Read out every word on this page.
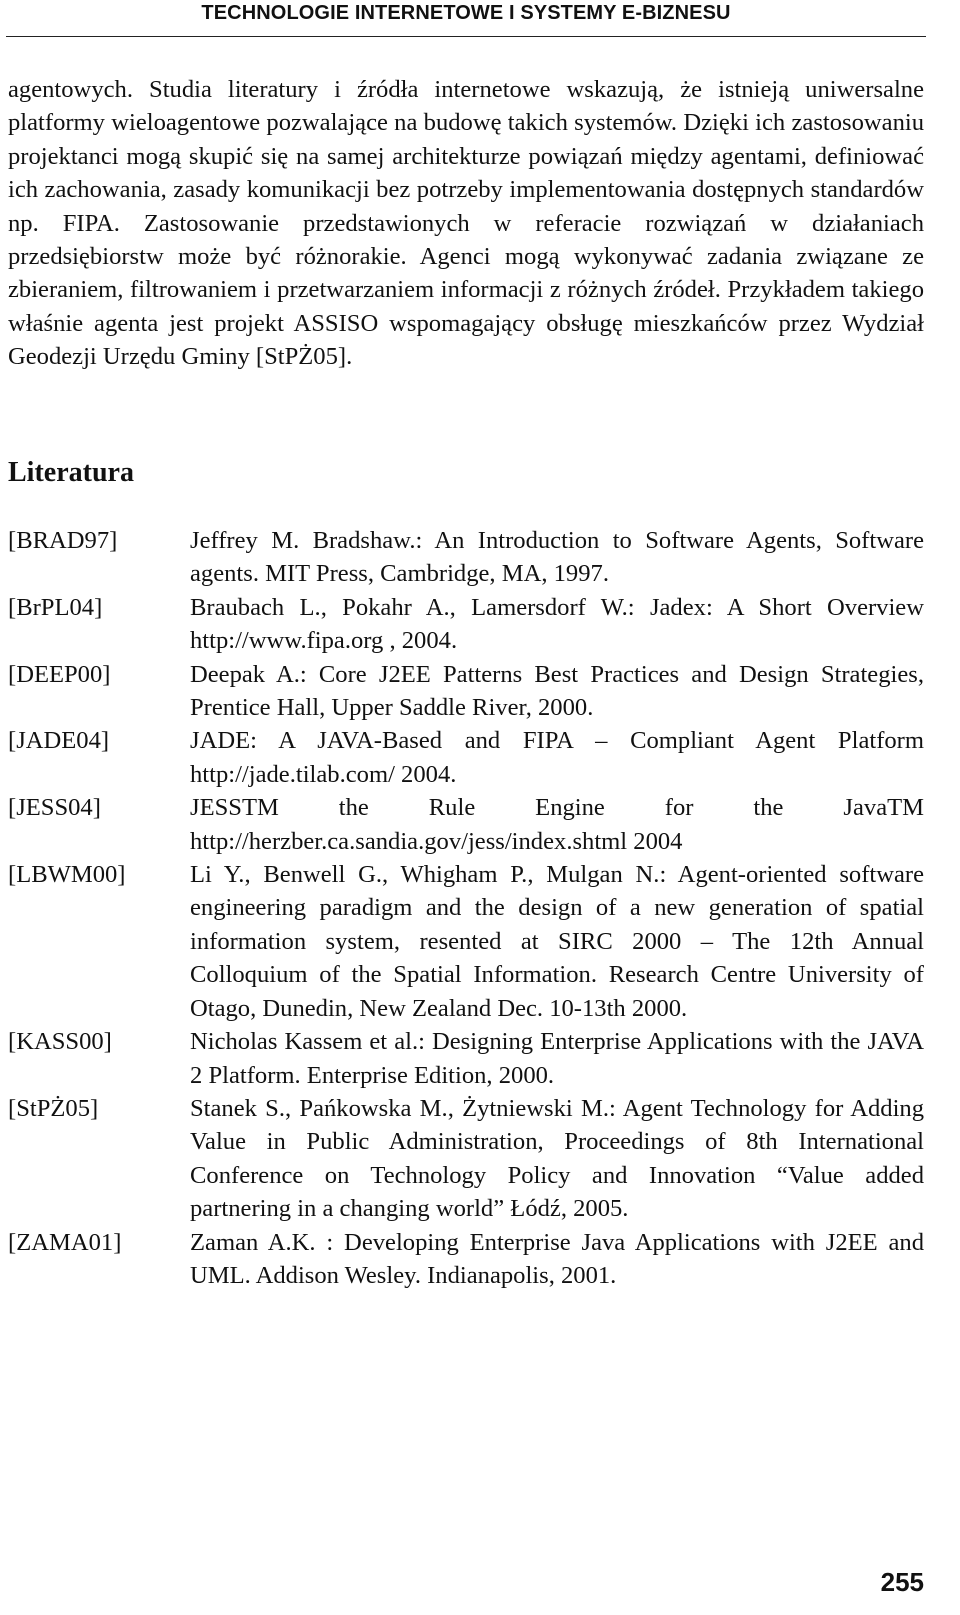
TECHNOLOGIE INTERNETOWE I SYSTEMY E-BIZNESU

agentowych. Studia literatury i źródła internetowe wskazują, że istnieją uniwersalne platformy wieloagentowe pozwalające na budowę takich systemów. Dzięki ich zastosowaniu projektanci mogą skupić się na samej architekturze powiązań między agentami, definiować ich zachowania, zasady komunikacji bez potrzeby implementowania dostępnych standardów np. FIPA. Zastosowanie przedstawionych w referacie rozwiązań w działaniach przedsiębiorstw może być różnorakie. Agenci mogą wykonywać zadania związane ze zbieraniem, filtrowaniem i przetwarzaniem informacji z różnych źródeł. Przykładem takiego właśnie agenta jest projekt ASSISO wspomagający obsługę mieszkańców przez Wydział Geodezji Urzędu Gminy [StPŻ05].

Literatura
[BRAD97]	Jeffrey M. Bradshaw.: An Introduction to Software Agents, Software agents. MIT Press, Cambridge, MA, 1997.
[BrPL04]	Braubach L., Pokahr A., Lamersdorf W.: Jadex: A Short Overview http://www.fipa.org , 2004.
[DEEP00]	Deepak A.: Core J2EE Patterns Best Practices and Design Strategies, Prentice Hall, Upper Saddle River, 2000.
[JADE04]	JADE: A JAVA-Based and FIPA – Compliant Agent Platform http://jade.tilab.com/ 2004.
[JESS04]	JESSTM the Rule Engine for the JavaTM http://herzber.ca.sandia.gov/jess/index.shtml 2004
[LBWM00]	Li Y., Benwell G., Whigham P., Mulgan N.: Agent-oriented software engineering paradigm and the design of a new generation of spatial information system, resented at SIRC 2000 – The 12th Annual Colloquium of the Spatial Information. Research Centre University of Otago, Dunedin, New Zealand Dec. 10-13th 2000.
[KASS00]	Nicholas Kassem et al.: Designing Enterprise Applications with the JAVA 2 Platform. Enterprise Edition, 2000.
[StPŻ05]	Stanek S., Pańkowska M., Żytniewski M.: Agent Technology for Adding Value in Public Administration, Proceedings of 8th International Conference on Technology Policy and Innovation “Value added partnering in a changing world” Łódź, 2005.
[ZAMA01]	Zaman A.K. : Developing Enterprise Java Applications with J2EE and UML. Addison Wesley. Indianapolis, 2001.
255
